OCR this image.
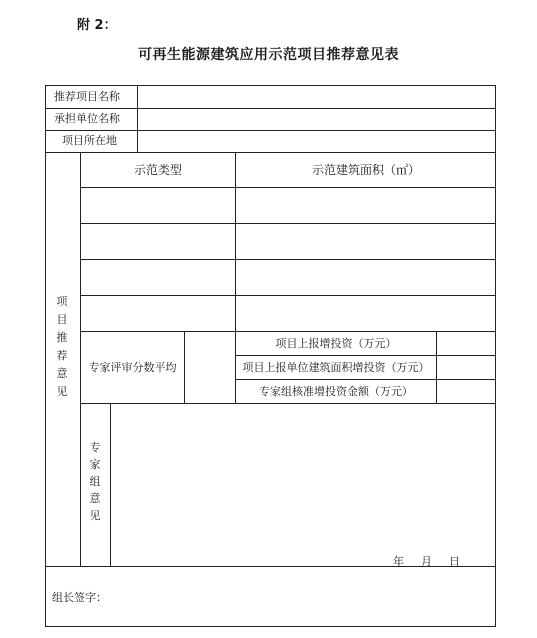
附 2：
可再生能源建筑应用示范项目推荐意见表
推荐项目名称
承担单位名称
项目所在地
项
目
推
荐
意
见
示范类型	示范建筑面积（㎡）
专家评审分数平均
项目上报增投资（万元）
项目上报单位建筑面积增投资（万元）
专家组核准增投资金额（万元）
专
家
组
意
见
年 月 日
组长签字：
